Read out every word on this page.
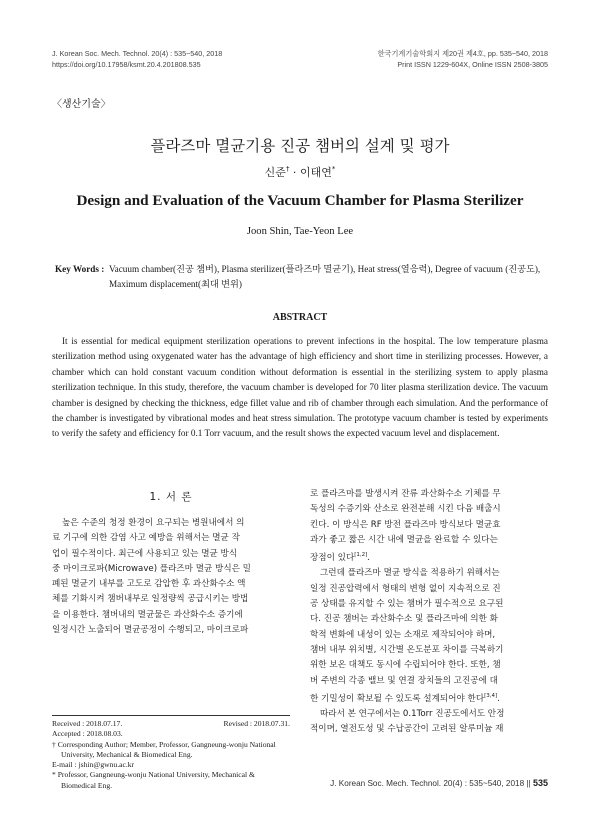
J. Korean Soc. Mech. Technol. 20(4) : 535~540, 2018
https://doi.org/10.17958/ksmt.20.4.201808.535
한국기계기술학회지 제20권 제4호, pp. 535~540, 2018
Print ISSN 1229-604X, Online ISSN 2508-3805
〈생산기술〉
플라즈마 멸균기용 진공 챔버의 설계 및 평가
신준† · 이태연*
Design and Evaluation of the Vacuum Chamber for Plasma Sterilizer
Joon Shin, Tae-Yeon Lee
Key Words : Vacuum chamber(진공 챔버), Plasma sterilizer(플라즈마 멸균기), Heat stress(열응력), Degree of vacuum (진공도), Maximum displacement(최대 변위)
ABSTRACT
It is essential for medical equipment sterilization operations to prevent infections in the hospital. The low temperature plasma sterilization method using oxygenated water has the advantage of high efficiency and short time in sterilizing processes. However, a chamber which can hold constant vacuum condition without deformation is essential in the sterilizing system to apply plasma sterilization technique. In this study, therefore, the vacuum chamber is developed for 70 liter plasma sterilization device. The vacuum chamber is designed by checking the thickness, edge fillet value and rib of chamber through each simulation. And the performance of the chamber is investigated by vibrational modes and heat stress simulation. The prototype vacuum chamber is tested by experiments to verify the safety and efficiency for 0.1 Torr vacuum, and the result shows the expected vacuum level and displacement.
1. 서 론
높은 수준의 청정 환경이 요구되는 병원내에서 의
료 기구에 의한 감염 사고 예방을 위해서는 멸균 작
업이 필수적이다. 최근에 사용되고 있는 멸균 방식
중 마이크로파(Microwave) 플라즈마 멸균 방식은 밀
폐된 멸균기 내부를 고도로 감압한 후 과산화수소 액
체를 기화시켜 챔버내부로 일정량씩 공급시키는 방법
을 이용한다. 챔버내의 멸균물은 과산화수소 증기에
일정시간 노출되어 멸균공정이 수행되고, 마이크로파
Received : 2018.07.17.	Revised : 2018.07.31.
Accepted : 2018.08.03.
† Corresponding Author; Member, Professor, Gangneung-wonju National University, Mechanical & Biomedical Eng.
E-mail : jshin@gwnu.ac.kr
* Professor, Gangneung-wonju National University, Mechanical & Biomedical Eng.
로 플라즈마를 발생시켜 잔류 과산화수소 기체를 무
독성의 수증기와 산소로 완전분해 시킨 다음 배출시
킨다. 이 방식은 RF 방전 플라즈마 방식보다 멸균효
과가 좋고 짧은 시간 내에 멸균을 완료할 수 있다는
장점이 있다[1,2].
그런데 플라즈마 멸균 방식을 적용하기 위해서는
일정 진공압력에서 형태의 변형 없이 지속적으로 진
공 상태를 유지할 수 있는 챔버가 필수적으로 요구된
다. 진공 챔버는 과산화수소 및 플라즈마에 의한 화
학적 변화에 내성이 있는 소재로 제작되어야 하며,
챔버 내부 위치별, 시간별 온도분포 차이를 극복하기
위한 보온 대책도 동시에 수립되어야 한다. 또한, 챔
버 주변의 각종 밸브 및 연결 장치들의 고진공에 대
한 기밀성이 확보될 수 있도록 설계되어야 한다[3,4].
따라서 본 연구에서는 0.1Torr 진공도에서도 안정
적이며, 열전도성 및 수납공간이 고려된 알루미늄 재
J. Korean Soc. Mech. Technol. 20(4) : 535~540, 2018 || 535
